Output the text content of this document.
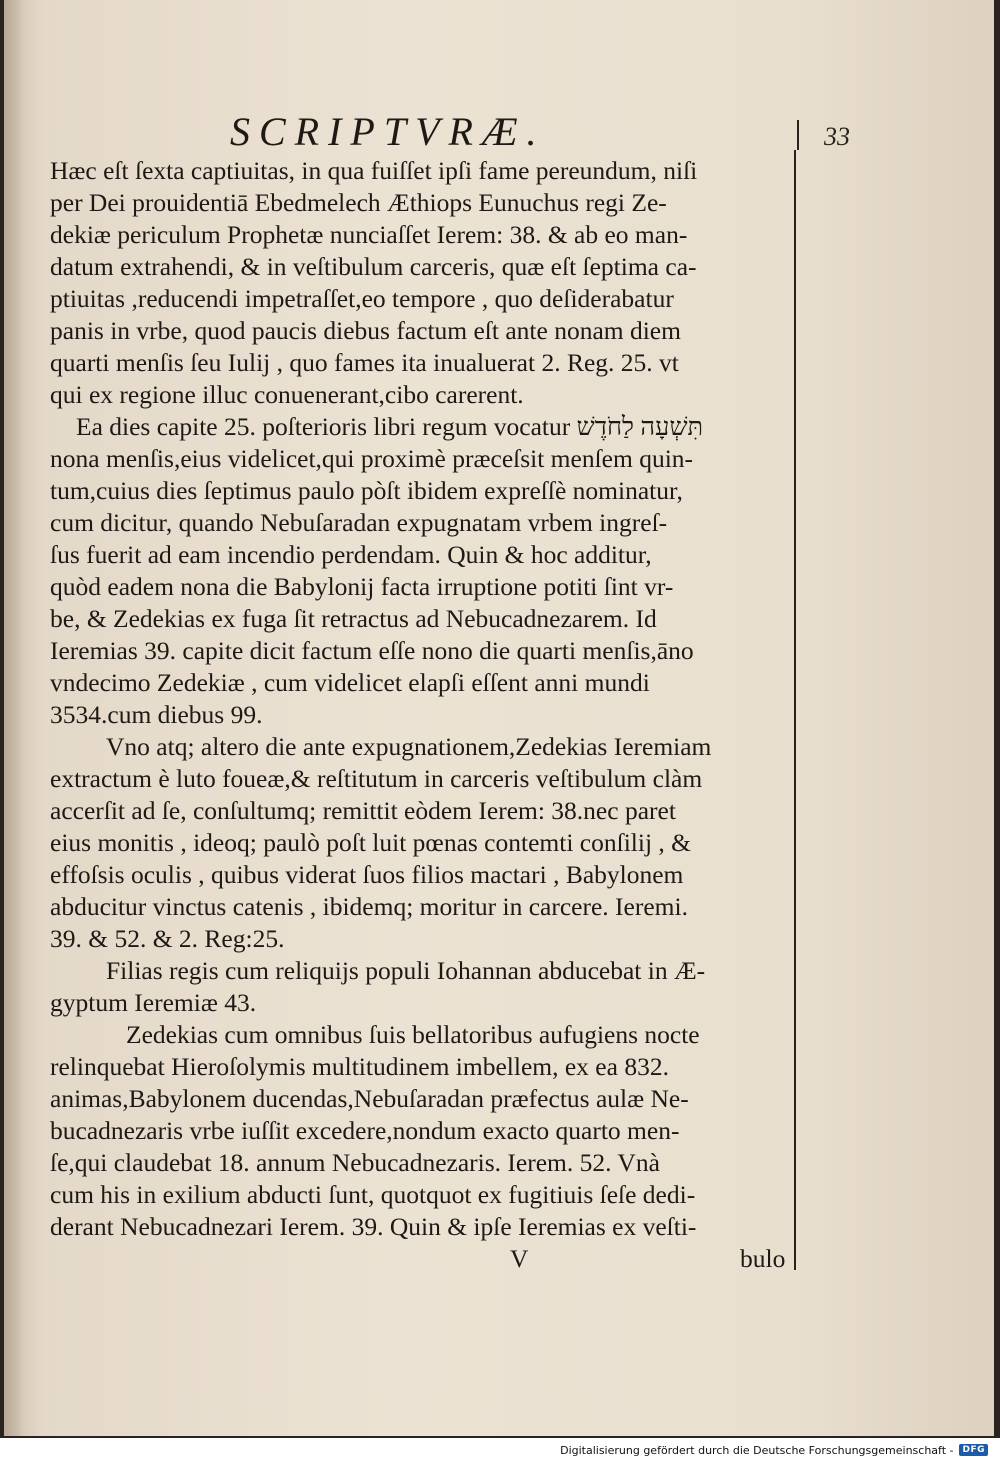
SCRIPTVRÆ.	33
Hæc eſt ſexta captiuitas, in qua fuiſſet ipſi fame pereundum, niſi
per Dei prouidentiā Ebedmelech Æthiops Eunuchus regi Ze-
dekiæ periculum Prophetæ nunciaſſet Ierem: 38. & ab eo man-
datum extrahendi, & in veſtibulum carceris, quæ eſt ſeptima ca-
ptiuitas ,reducendi impetraſſet,eo tempore , quo deſiderabatur
panis in vrbe, quod paucis diebus factum eſt ante nonam diem
quarti menſis ſeu Iulij , quo fames ita inualuerat 2. Reg. 25. vt
qui ex regione illuc conuenerant,cibo carerent.
Ea dies capite 25. poſterioris libri regum vocatur תִּשְׁעָה לַחֹדֶשׁ
nona menſis,eius videlicet,qui proximè præceſsit menſem quin-
tum,cuius dies ſeptimus paulo pòſt ibidem expreſſè nominatur,
cum dicitur, quando Nebuſaradan expugnatam vrbem ingreſ-
ſus fuerit ad eam incendio perdendam. Quin & hoc additur,
quòd eadem nona die Babylonij facta irruptione potiti ſint vr-
be, & Zedekias ex fuga ſit retractus ad Nebucadnezarem. Id
Ieremias 39. capite dicit factum eſſe nono die quarti menſis,āno
vndecimo Zedekiæ , cum videlicet elapſi eſſent anni mundi
3534.cum diebus 99.
Vno atq; altero die ante expugnationem,Zedekias Ieremiam
extractum è luto foueæ,& reſtitutum in carceris veſtibulum clàm
accerſit ad ſe, conſultumq; remittit eòdem Ierem: 38.nec paret
eius monitis , ideoq; paulò poſt luit pœnas contemti conſilij , &
effoſsis oculis , quibus viderat ſuos filios mactari , Babylonem
abducitur vinctus catenis , ibidemq; moritur in carcere. Ieremi.
39. & 52. & 2. Reg:25.
Filias regis cum reliquijs populi Iohannan abducebat in Æ-
gyptum Ieremiæ 43.
Zedekias cum omnibus ſuis bellatoribus aufugiens nocte
relinquebat Hieroſolymis multitudinem imbellem, ex ea 832.
animas,Babylonem ducendas,Nebuſaradan præfectus aulæ Ne-
bucadnezaris vrbe iuſſit excedere,nondum exacto quarto men-
ſe,qui claudebat 18. annum Nebucadnezaris. Ierem. 52. Vnà
cum his in exilium abducti ſunt, quotquot ex fugitiuis ſeſe dedi-
derant Nebucadnezari Ierem. 39. Quin & ipſe Ieremias ex veſti-
V	bulo
Digitalisierung gefördert durch die Deutsche Forschungsgemeinschaft -	DFG
